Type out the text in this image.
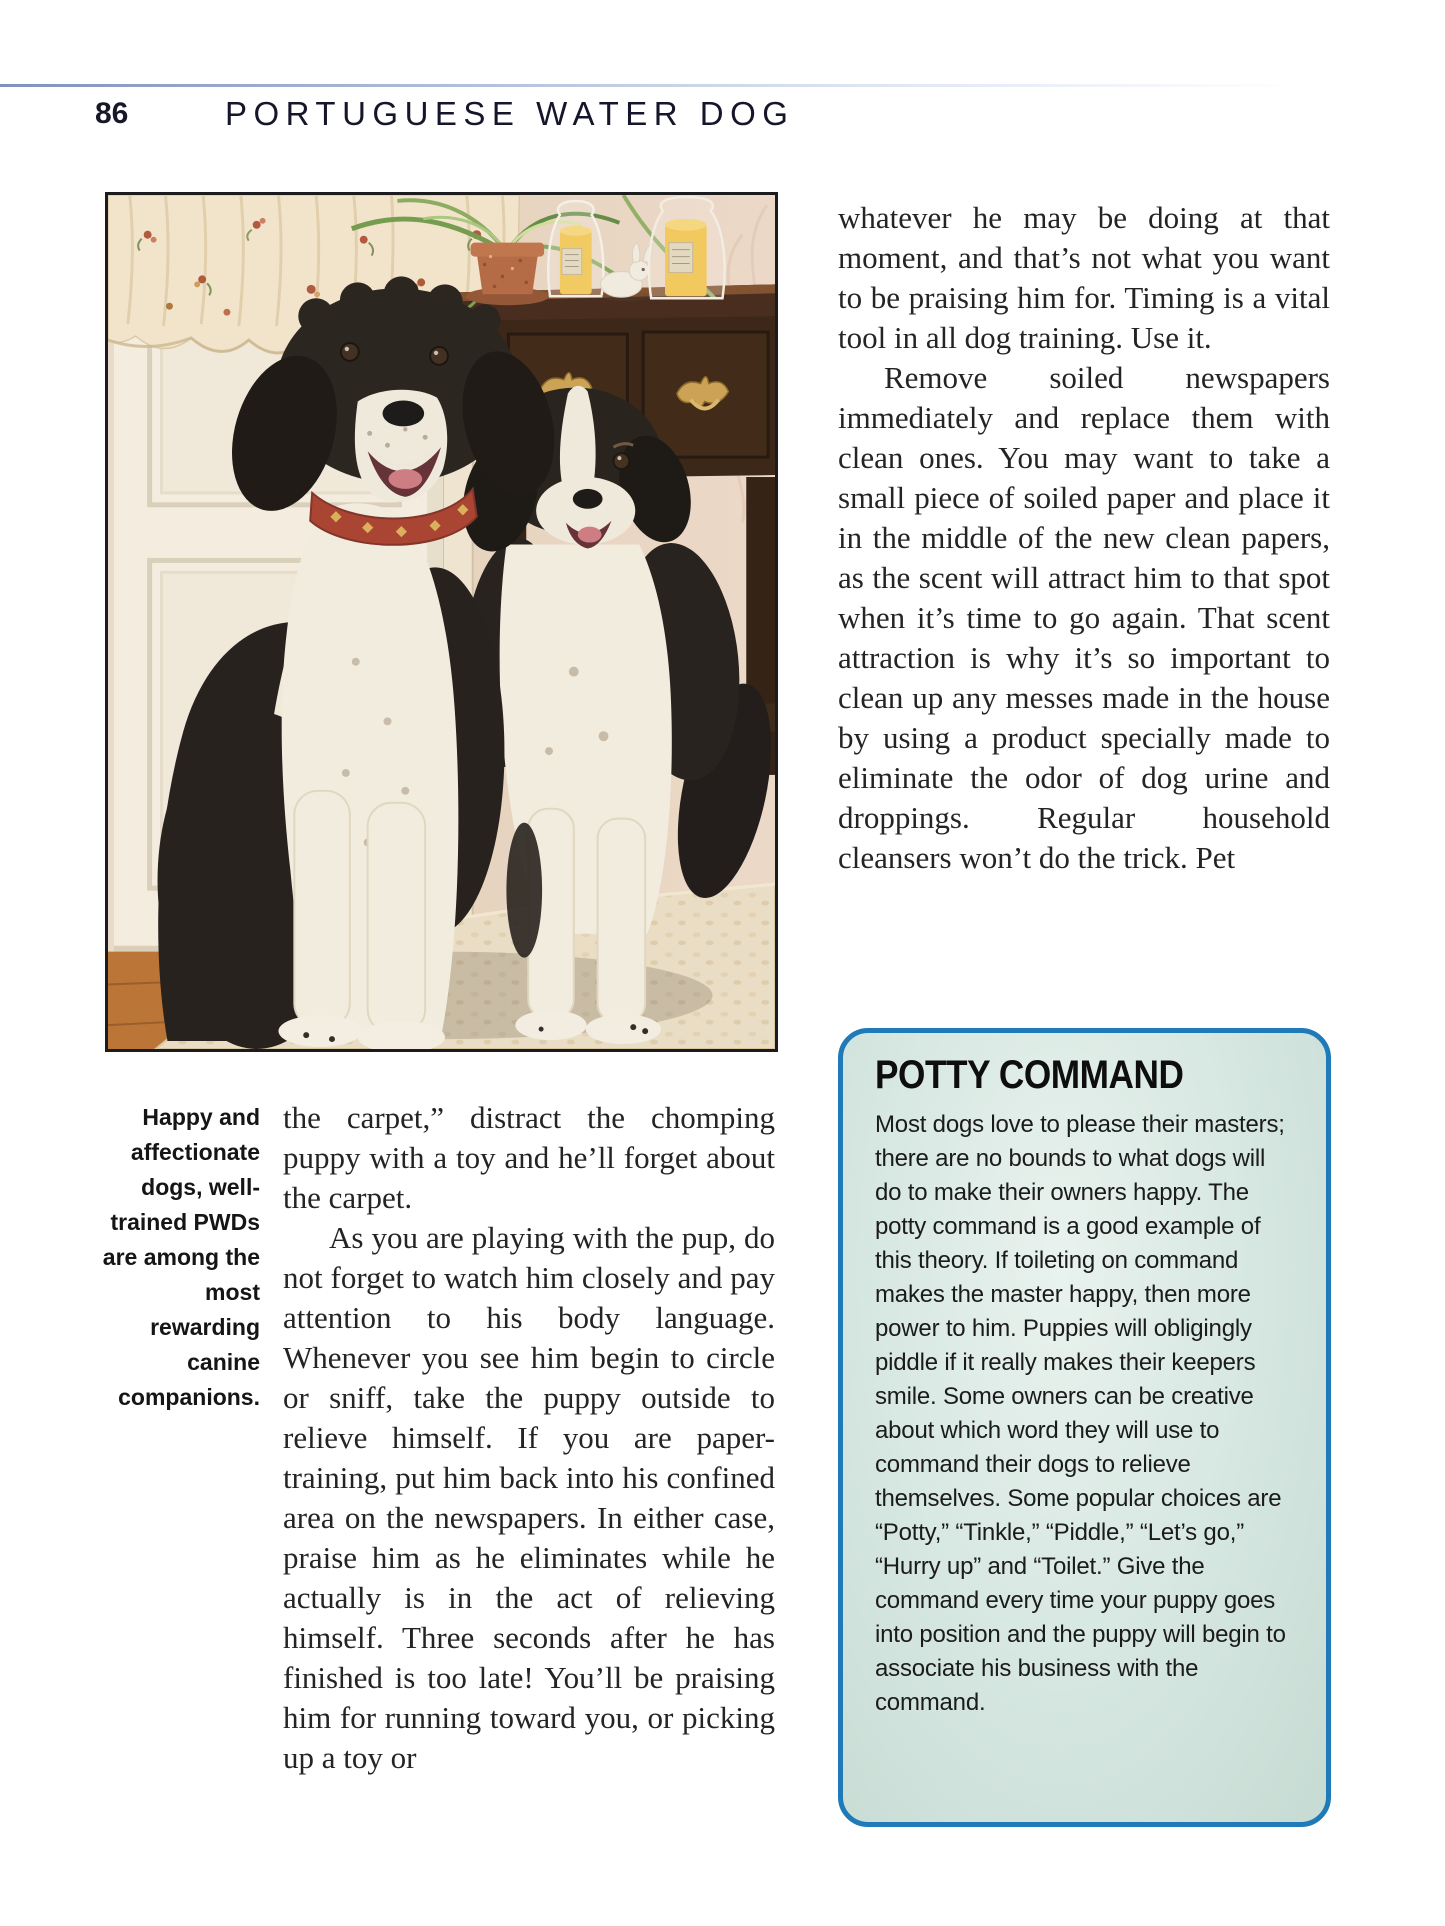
86	PORTUGUESE WATER DOG

whatever he may be doing at that moment, and that’s not what you want to be praising him for. Timing is a vital tool in all dog training. Use it.

Remove soiled newspapers immediately and replace them with clean ones. You may want to take a small piece of soiled paper and place it in the middle of the new clean papers, as the scent will attract him to that spot when it’s time to go again. That scent attraction is why it’s so important to clean up any messes made in the house by using a product specially made to eliminate the odor of dog urine and droppings. Regular household cleansers won’t do the trick. Pet

Happy and affectionate dogs, well-trained PWDs are among the most rewarding canine companions.

the carpet,” distract the chomping puppy with a toy and he’ll forget about the carpet.

As you are playing with the pup, do not forget to watch him closely and pay attention to his body language. Whenever you see him begin to circle or sniff, take the puppy outside to relieve himself. If you are paper-training, put him back into his confined area on the newspapers. In either case, praise him as he eliminates while he actually is in the act of relieving himself. Three seconds after he has finished is too late! You’ll be praising him for running toward you, or picking up a toy or

POTTY COMMAND

Most dogs love to please their masters; there are no bounds to what dogs will do to make their owners happy. The potty command is a good example of this theory. If toileting on command makes the master happy, then more power to him. Puppies will obligingly piddle if it really makes their keepers smile. Some owners can be creative about which word they will use to command their dogs to relieve themselves. Some popular choices are “Potty,” “Tinkle,” “Piddle,” “Let’s go,” “Hurry up” and “Toilet.” Give the command every time your puppy goes into position and the puppy will begin to associate his business with the command.
